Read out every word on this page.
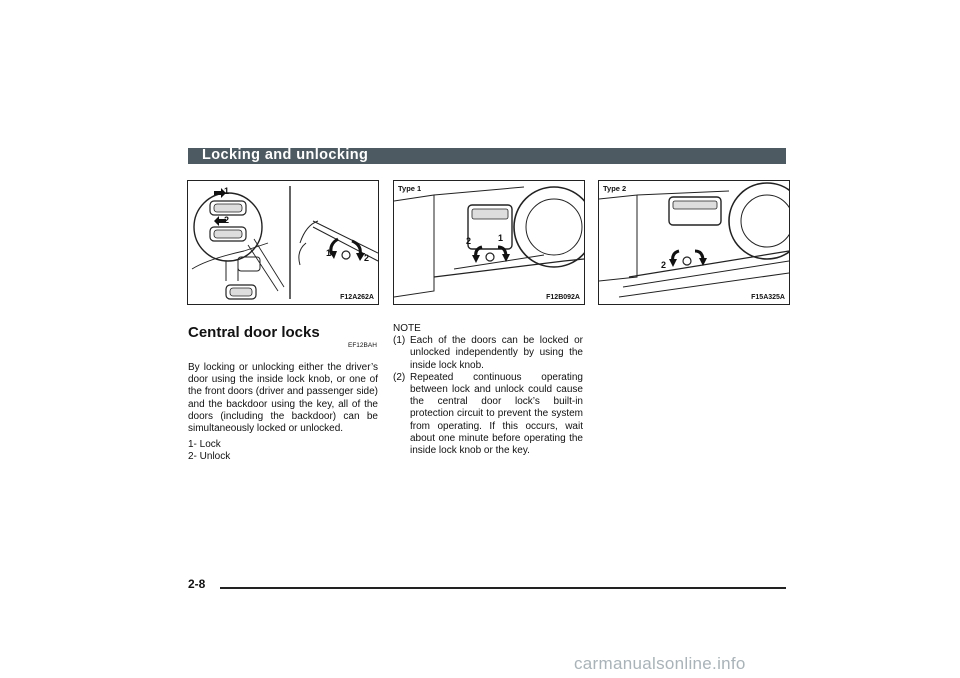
Locking and unlocking
1
2
1	2
F12A262A
Type 1
2	1
F12B092A
Type 2
2
1
F15A325A
Central door locks
EF12BAH
By locking or unlocking either the driver’s door using the inside lock knob, or one of the front doors (driver and passenger side) and the backdoor using the key, all of the doors (including the backdoor) can be simultaneously locked or unlocked.
1- Lock
2- Unlock
NOTE
(1) Each of the doors can be locked or unlocked independently by using the inside lock knob.
(2) Repeated continuous operating between lock and unlock could cause the central door lock’s built-in protection circuit to prevent the system from operating. If this occurs, wait about one minute before operating the inside lock knob or the key.
2-8
carmanualsonline.info
